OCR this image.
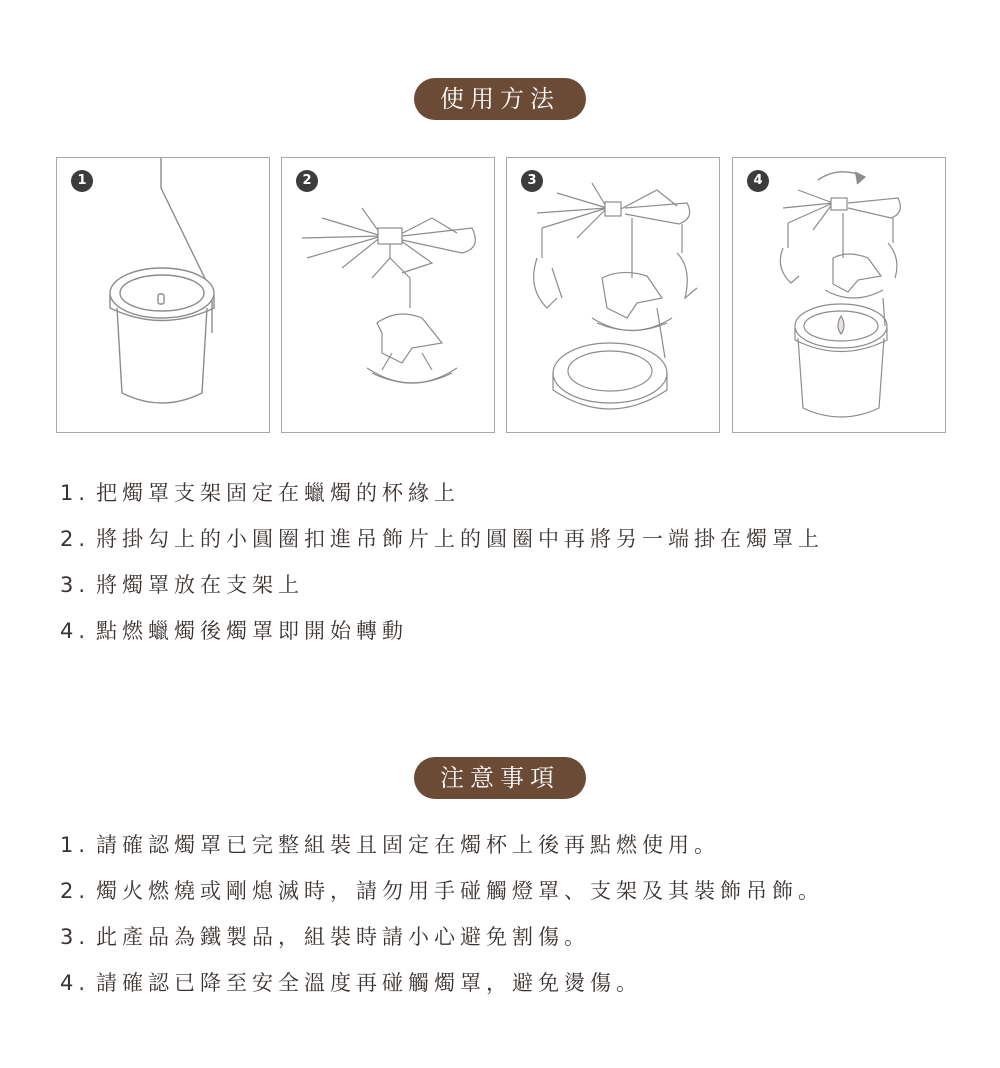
使用方法
1	2	3	4
1. 把燭罩支架固定在蠟燭的杯緣上
2. 將掛勾上的小圓圈扣進吊飾片上的圓圈中再將另一端掛在燭罩上
3. 將燭罩放在支架上
4. 點燃蠟燭後燭罩即開始轉動
注意事項
1. 請確認燭罩已完整組裝且固定在燭杯上後再點燃使用。
2. 燭火燃燒或剛熄滅時，請勿用手碰觸燈罩、支架及其裝飾吊飾。
3. 此產品為鐵製品，組裝時請小心避免割傷。
4. 請確認已降至安全溫度再碰觸燭罩，避免燙傷。
